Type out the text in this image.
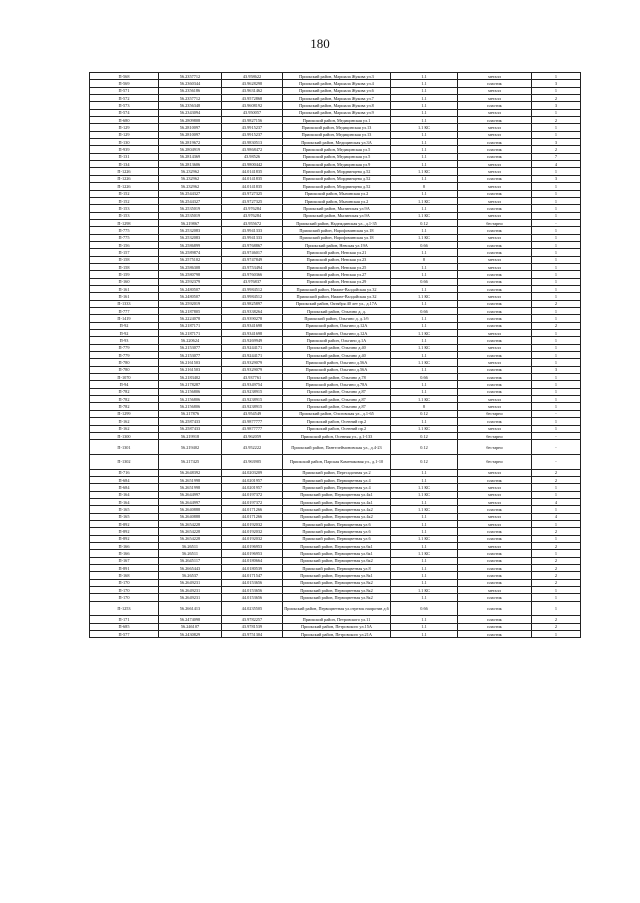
180
П-568	56.2357712	43.958622	Приокский район, Маршала Жукова ул.3	1.1	металл	1
П-569	56.2360344	43.9628298	Приокский район, Маршала Жукова ул.4	1.1	пластик	3
П-571	56.2356186	43.9631462	Приокский район, Маршала Жукова ул.6	1.1	металл	1
П-572	56.2357712	43.9572868	Приокский район, Маршала Жукова ул.7	1.1	металл	2
П-573	56.2356348	43.9608192	Приокский район, Маршала Жукова ул.8	1.1	пластик	3
П-574	56.2343094	43.950057	Приокский район, Маршала Жукова ул.9	1.1	металл	1
П-680	56.2809808	43.9827156	Приокский район, Медицинская ул.1	1.1	пластик	2
П-129	56.2810097	43.9915237	Приокский район, Медицинская ул.13	1.1 КС	металл	1
П-129	56.2810097	43.9915237	Приокский район, Медицинская ул.13	1.1	металл	1
П-130	56.2819672	43.9830513	Приокский район, Медицинская ул.3А	1.1	пластик	3
П-939	56.2804919	43.9868472	Приокский район, Медицинская ул.5	1.1	пластик	2
П-131	56.2814369	43.98526	Приокский район, Медицинская ул.5	1.1	пластик	7
П-134	56.2813606	43.9800442	Приокский район, Медицинская ул.9	1.1	металл	4
П-1226	56.232962	44.0141835	Приокский район, Мордвинцева д.52	1.1 КС	металл	1
П-1226	56.232962	44.0141835	Приокский район, Мордвинцева д.52	1.1	пластик	3
П-1226	56.232962	44.0141835	Приокский район, Мордвинцева д.52	8	металл	1
П-152	56.2544327	43.9727325	Приокский район, Мызинская ул.2	1.1	пластик	1
П-152	56.2544327	43.9727325	Приокский район, Мызинская ул.2	1.1 КС	металл	1
П-153	56.2535019	43.976284	Приокский район, Мызинская ул.9А	1.1	пластик	1
П-153	56.2535019	43.976284	Приокский район, Мызинская ул.9А	1.1 КС	металл	1
П-1298	56.219867	43.955672	Приокский район, Надеждинская ул., д.1-35	0.12	бестарно	-
П-775	56.2532083	43.9941333	Приокский район, Нарофоминская ул.18	1.1	пластик	1
П-775	56.2532083	43.9941333	Приокский район, Нарофоминская ул.18	1.1 КС	металл	1
П-156	56.2586899	43.9768867	Приокский район, Невская ул.19А	0.66	пластик	1
П-157	56.2589874	43.9746017	Приокский район, Невская ул.21	1.1	пластик	1
П-158	56.2575102	43.9747849	Приокский район, Невская ул.23	8	металл	1
П-158	56.2586308	43.9753494	Приокский район, Невская ул.25	1.1	металл	1
П-159	56.2580798	43.9760366	Приокский район, Невская ул.27	1.1	пластик	1
П-160	56.2592379	43.976837	Приокский район, Невская ул.29	0.66	пластик	1
П-161	56.2480507	43.9984512	Приокский район, Нижне-Валдайская ул.32	1.1	пластик	1
П-161	56.2480507	43.9984512	Приокский район, Нижне-Валдайская ул.32	1.1 КС	металл	1
П-1333	56.2592019	43.9825897	Приокский район, Октября 40 лет ул., д.17А	1.1	пластик	2
П-777	56.2187805	43.9338264	Приокский район, Ольгино д. д.	0.66	пластик	1
П-1419	56.2224078	43.9390278	Приокский район, Ольгино д. д.1/б	1.1	пластик	1
П-92	56.2187171	43.9341698	Приокский район, Ольгино д.12А	1.1	пластик	2
П-92	56.2187171	43.9341698	Приокский район, Ольгино д.12А	1.1 КС	металл	1
П-93	56.220624	43.9269949	Приокский район, Ольгино д.1А	1.1	пластик	1
П-779	56.2153077	43.9244171	Приокский район, Ольгино д.40	1.1 КС	металл	1
П-779	56.2153077	43.9244171	Приокский район, Ольгино д.40	1.1	пластик	1
П-780	56.2161503	43.9329079	Приокский район, Ольгино д.56А	1.1 КС	металл	1
П-780	56.2161503	43.9329079	Приокский район, Ольгино д.56А	1.1	пластик	3
П-1070	56.2183402	43.937761	Приокский район, Ольгино д.78	0.66	пластик	1
П-94	56.2178287	43.9349754	Приокский район, Ольгино д.78А	1.1	пластик	1
П-782	56.2156806	43.9238915	Приокский район, Ольгино д.87	1.1	пластик	1
П-782	56.2156806	43.9238915	Приокский район, Ольгино д.87	1.1 КС	металл	1
П-782	56.2156806	43.9238915	Приокский район, Ольгино д.87	8	металл	1
П-1299	56.217876	43.954549	Приокский район, Олсговская ул., д.1-65	0.12	бестарно	-
П-162	56.2587433	43.9877777	Приокский район, Осенний пр.2	1.1	пластик	1
П-162	56.2587433	43.9877777	Приокский район, Осенний пр.2	1.1 КС	металл	1
П-1300	56.219918	43.962059	Приокский район, Осенняя ул., д.1-133	0.12	бестарно	-
П-1301	56.219402	43.952222	Приокский район, Пантелеймоновская ул., д.4-23	0.12	бестарно	-
П-1302	56.217425	43.963905	Приокский район, Парская Каменаковая ул., д.1-10	0.12	бестарно	-
П-716	56.2648392	44.0203209	Приокский район, Пересадочная ул.2	1.1	металл	2
П-684	56.2651998	44.0201957	Приокский район, Первоцветная ул.4	1.1	пластик	2
П-684	56.2651998	44.0201957	Приокский район, Первоцветная ул.4	1.1 КС	металл	1
П-164	56.2644997	44.0197372	Приокский район, Первоцветная ул.4к1	1.1 КС	металл	1
П-164	56.2644997	44.0197372	Приокский район, Первоцветная ул.4к1	1.1	металл	4
П-165	56.2640888	44.0171266	Приокский район, Первоцветная ул.4к2	1.1 КС	пластик	1
П-165	56.2640888	44.0171266	Приокский район, Первоцветная ул.4к2	1.1	металл	4
П-892	56.2654228	44.0192032	Приокский район, Первоцветная ул.6	1.1	металл	1
П-892	56.2654228	44.0192032	Приокский район, Первоцветная ул.6	1.1	пластик	2
П-892	56.2654228	44.0192032	Приокский район, Первоцветная ул.6	1.1 КС	пластик	1
П-166	56.26511	44.0196953	Приокский район, Первоцветная ул.6к1	1.1	металл	2
П-166	56.26511	44.0196953	Приокский район, Первоцветная ул.6к1	1.1 КС	пластик	1
П-167	56.2645117	44.0180664	Приокский район, Первоцветная ул.6к2	1.1	пластик	2
П-891	56.2665443	44.0180539	Приокский район, Первоцветная ул.8	1.1	пластик	2
П-168	56.26537	44.0171547	Приокский район, Первоцветная ул.8к1	1.1	пластик	2
П-170	56.2649231	44.0153656	Приокский район, Первоцветная ул.8к2	1.1	пластик	2
П-170	56.2649231	44.0153656	Приокский район, Первоцветная ул.8к2	1.1 КС	металл	1
П-170	56.2649231	44.0153656	Приокский район, Первоцветная ул.8к2	1.1	пластик	1
П-1253	56.2661413	44.0235505	Приокский район, Первоцветная ул.отрезок напротив д.6	0.66	пластик	1
П-171	56.2474098	43.9782257	Приокский район, Петровского ул.11	1.1	пластик	2
П-685	56.246107	43.9781539	Приокский район, Петровского ул.15А	1.1	пластик	2
П-577	56.2430829	43.9751304	Приокский район, Петровского ул.21А	1.1	пластик	1
